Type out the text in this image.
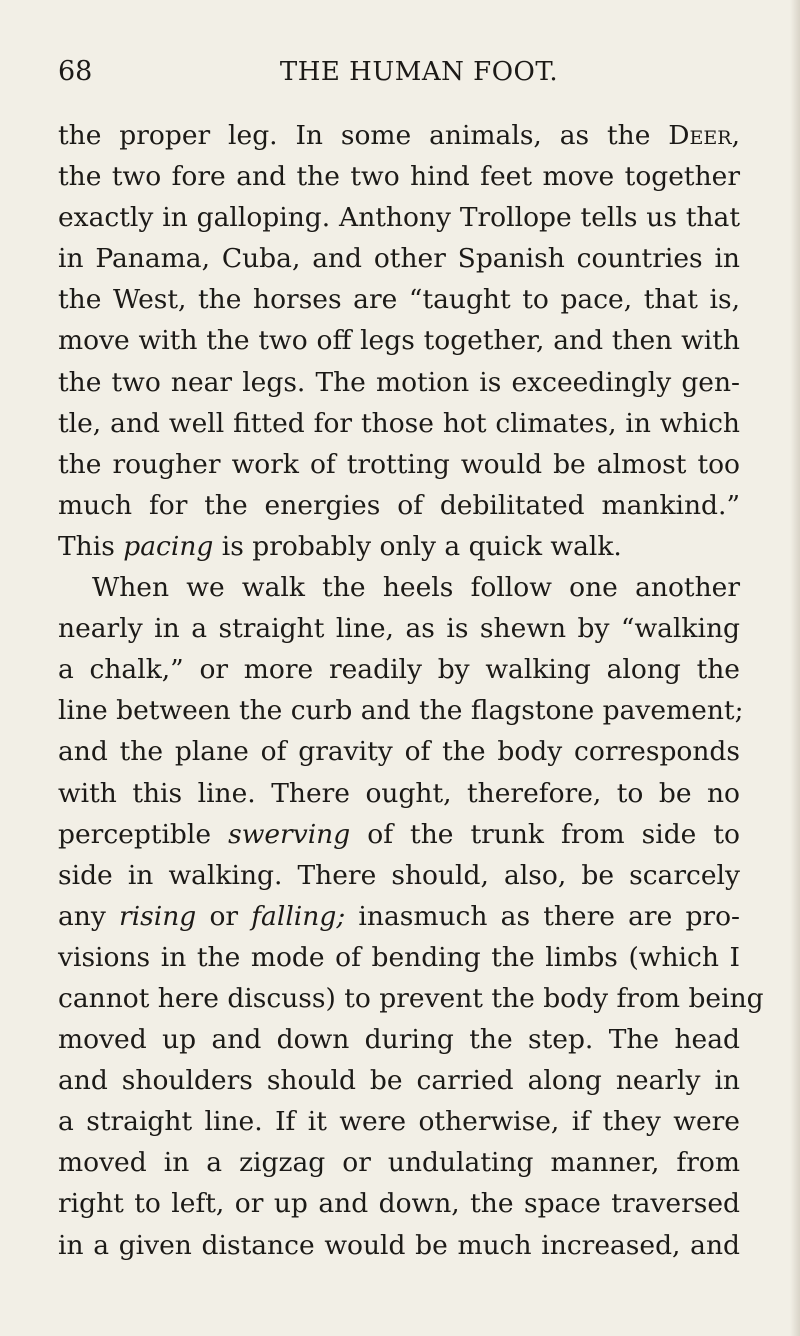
68	THE HUMAN FOOT.
the proper leg. In some animals, as the Deer,
the two fore and the two hind feet move together
exactly in galloping. Anthony Trollope tells us that
in Panama, Cuba, and other Spanish countries in
the West, the horses are “taught to pace, that is,
move with the two off legs together, and then with
the two near legs. The motion is exceedingly gen-
tle, and well fitted for those hot climates, in which
the rougher work of trotting would be almost too
much for the energies of debilitated mankind.”
This pacing is probably only a quick walk.
When we walk the heels follow one another
nearly in a straight line, as is shewn by “walking
a chalk,” or more readily by walking along the
line between the curb and the flagstone pavement;
and the plane of gravity of the body corresponds
with this line. There ought, therefore, to be no
perceptible swerving of the trunk from side to
side in walking. There should, also, be scarcely
any rising or falling; inasmuch as there are pro-
visions in the mode of bending the limbs (which I
cannot here discuss) to prevent the body from being
moved up and down during the step. The head
and shoulders should be carried along nearly in
a straight line. If it were otherwise, if they were
moved in a zigzag or undulating manner, from
right to left, or up and down, the space traversed
in a given distance would be much increased, and
